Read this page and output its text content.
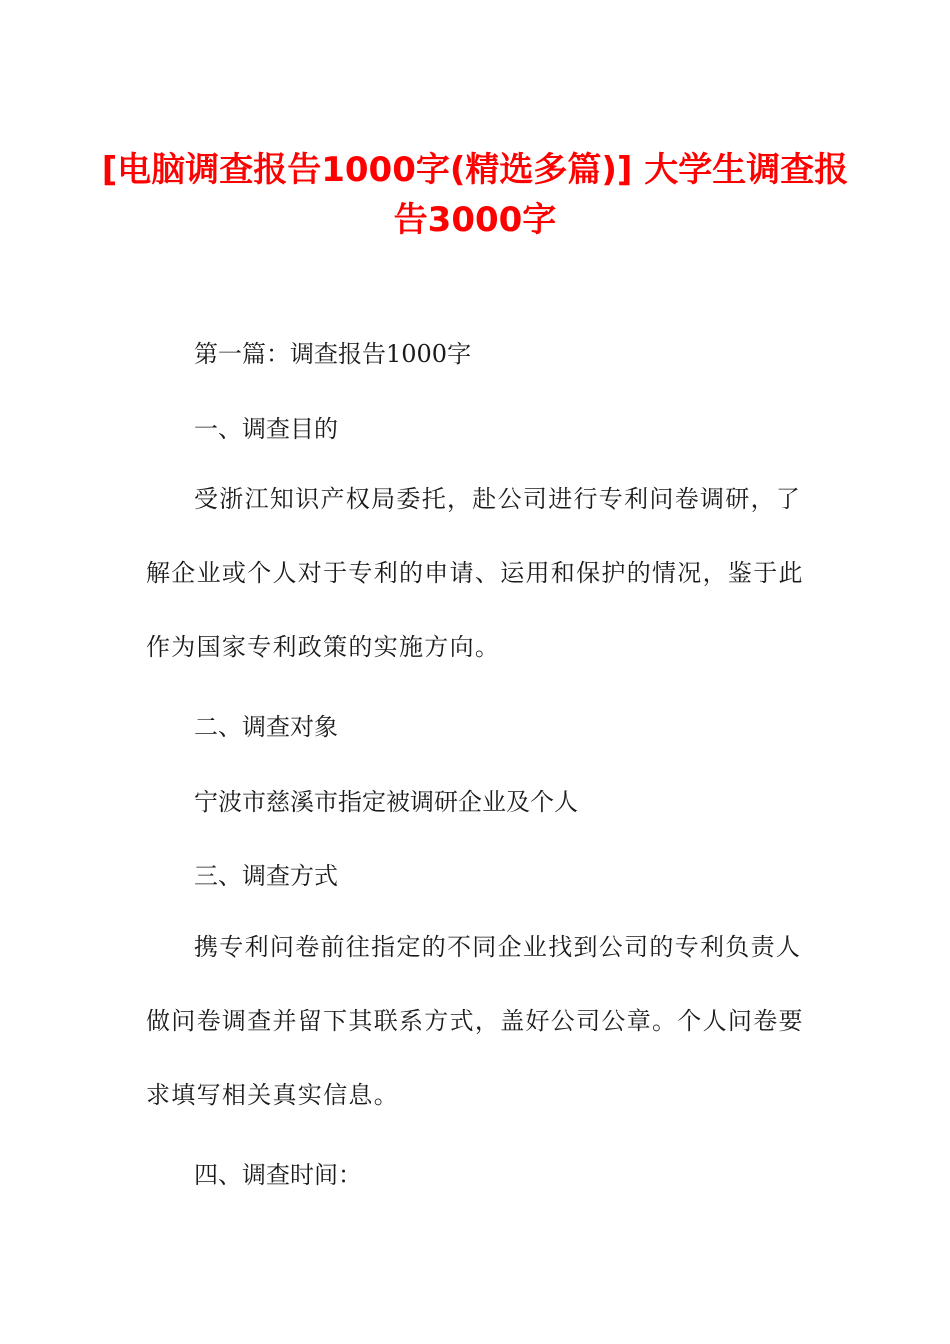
[电脑调查报告1000字(精选多篇)] 大学生调查报告3000字

第一篇：调查报告1000字

一、调查目的

受浙江知识产权局委托，赴公司进行专利问卷调研，了解企业或个人对于专利的申请、运用和保护的情况，鉴于此作为国家专利政策的实施方向。

二、调查对象

宁波市慈溪市指定被调研企业及个人

三、调查方式

携专利问卷前往指定的不同企业找到公司的专利负责人做问卷调查并留下其联系方式，盖好公司公章。个人问卷要求填写相关真实信息。

四、调查时间：
